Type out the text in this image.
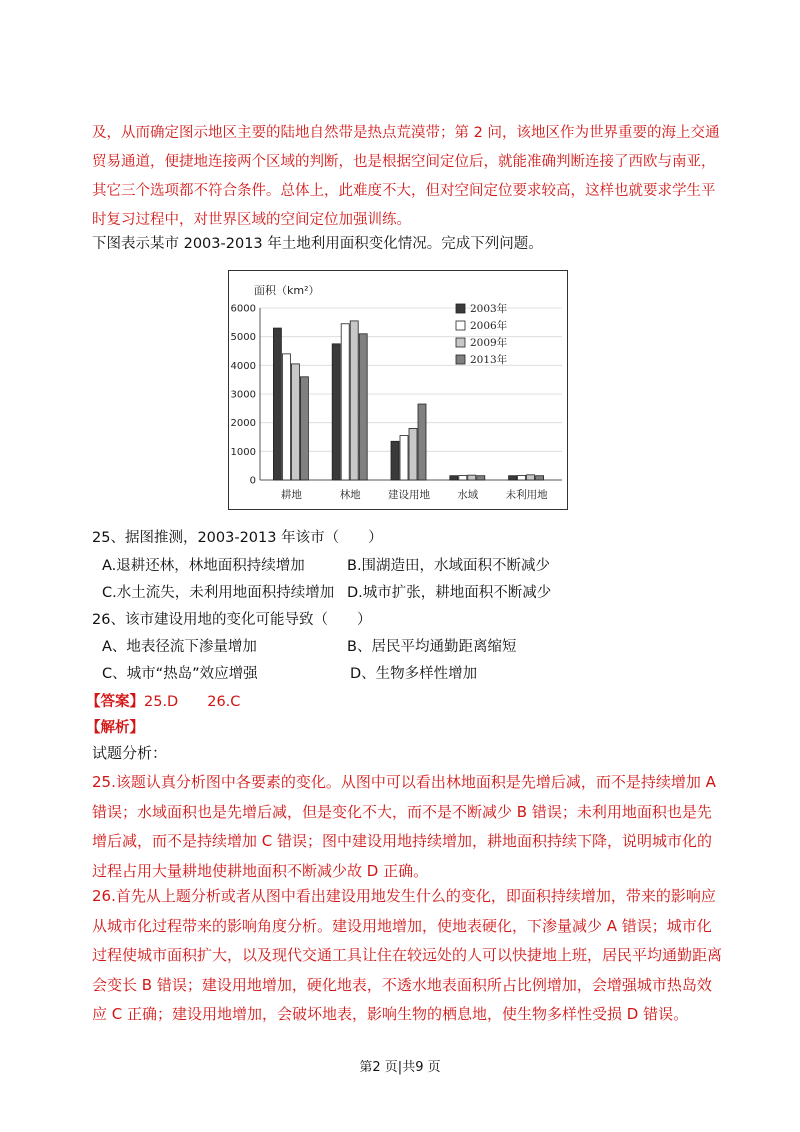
及，从而确定图示地区主要的陆地自然带是热点荒漠带；第 2 问，该地区作为世界重要的海上交通贸易通道，便捷地连接两个区域的判断，也是根据空间定位后，就能准确判断连接了西欧与南亚，其它三个选项都不符合条件。总体上，此难度不大，但对空间定位要求较高，这样也就要求学生平时复习过程中，对世界区域的空间定位加强训练。
下图表示某市 2003-2013 年土地利用面积变化情况。完成下列问题。
面积（km²）
0
1000
2000
3000
4000
5000
6000
耕地	林地	建设用地	水域	未利用地
2003年
2006年
2009年
2013年
25、据图推测，2003-2013 年该市（　　）
A.退耕还林，林地面积持续增加	B.围湖造田，水域面积不断减少
C.水土流失，未利用地面积持续增加 D.城市扩张，耕地面积不断减少
26、该市建设用地的变化可能导致（　　）
A、地表径流下渗量增加	B、居民平均通勤距离缩短
C、城市“热岛”效应增强	D、生物多样性增加
【答案】25.D　　26.C
【解析】
试题分析：
25.该题认真分析图中各要素的变化。从图中可以看出林地面积是先增后减，而不是持续增加 A 错误；水域面积也是先增后减，但是变化不大，而不是不断减少 B 错误；未利用地面积也是先增后减，而不是持续增加 C 错误；图中建设用地持续增加，耕地面积持续下降，说明城市化的过程占用大量耕地使耕地面积不断减少故 D 正确。
26.首先从上题分析或者从图中看出建设用地发生什么的变化，即面积持续增加，带来的影响应从城市化过程带来的影响角度分析。建设用地增加，使地表硬化，下渗量减少 A 错误；城市化过程使城市面积扩大，以及现代交通工具让住在较远处的人可以快捷地上班，居民平均通勤距离会变长 B 错误；建设用地增加，硬化地表，不透水地表面积所占比例增加，会增强城市热岛效应 C 正确；建设用地增加，会破坏地表，影响生物的栖息地，使生物多样性受损 D 错误。
第2 页|共9 页
